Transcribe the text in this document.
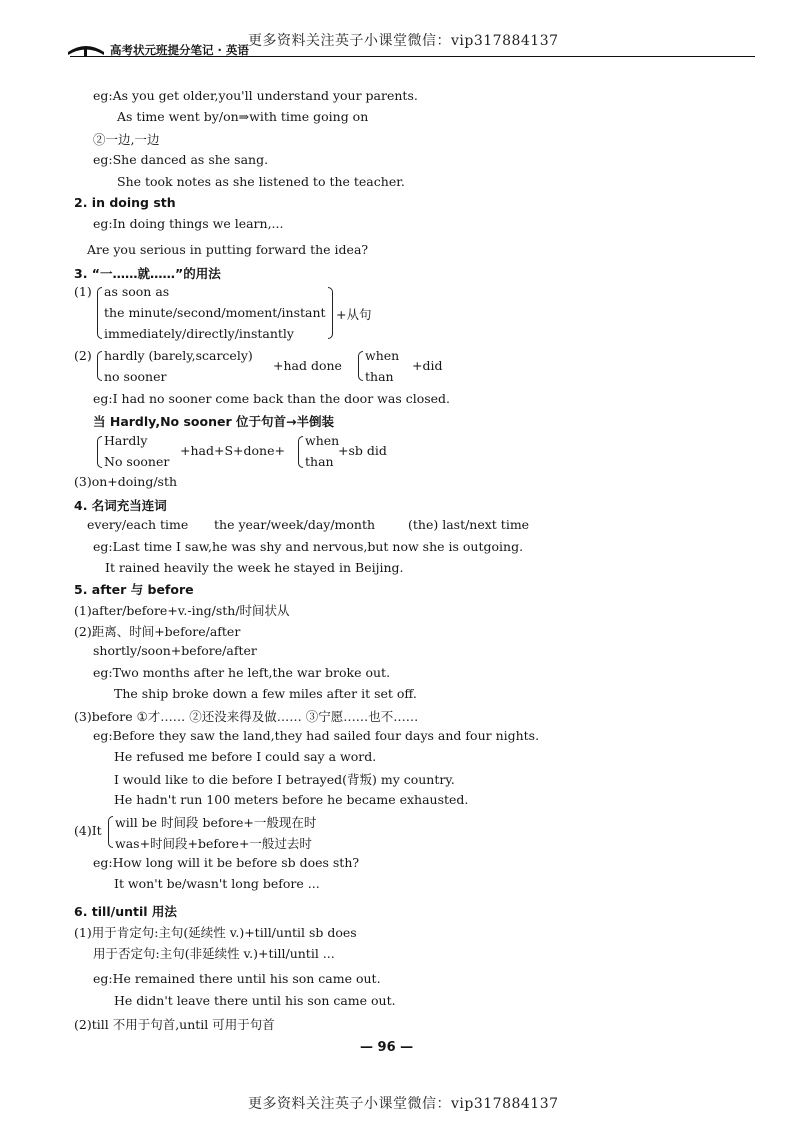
更多资料关注英子小课堂微信：vip317884137
高考状元班提分笔记 · 英语
eg:As you get older,you'll understand your parents.
As time went by/on⇒with time going on
②一边,一边
eg:She danced as she sang.
She took notes as she listened to the teacher.
2. in doing sth
eg:In doing things we learn,...
Are you serious in putting forward the idea?
3. “一……就……”的用法
(1) as soon as
the minute/second/moment/instant
immediately/directly/instantly
+从句
(2) hardly (barely,scarcely)
no sooner
+had done
when
than
+did
eg:I had no sooner come back than the door was closed.
当 Hardly,No sooner 位于句首→半倒装
Hardly
No sooner
+had+S+done+
when
than
+sb did
(3)on+doing/sth
4. 名词充当连词
every/each time the year/week/day/month	(the) last/next time
eg:Last time I saw,he was shy and nervous,but now she is outgoing.
It rained heavily the week he stayed in Beijing.
5. after 与 before
(1)after/before+v.-ing/sth/时间状从
(2)距离、时间+before/after
shortly/soon+before/after
eg:Two months after he left,the war broke out.
The ship broke down a few miles after it set off.
(3)before ①才…… ②还没来得及做…… ③宁愿……也不……
eg:Before they saw the land,they had sailed four days and four nights.
He refused me before I could say a word.
I would like to die before I betrayed(背叛) my country.
He hadn't run 100 meters before he became exhausted.
(4)It
will be 时间段 before+一般现在时
was+时间段+before+一般过去时
eg:How long will it be before sb does sth?
It won't be/wasn't long before ...
6. till/until 用法
(1)用于肯定句:主句(延续性 v.)+till/until sb does
用于否定句:主句(非延续性 v.)+till/until ...
eg:He remained there until his son came out.
He didn't leave there until his son came out.
(2)till 不用于句首,until 可用于句首
— 96 —
更多资料关注英子小课堂微信：vip317884137
